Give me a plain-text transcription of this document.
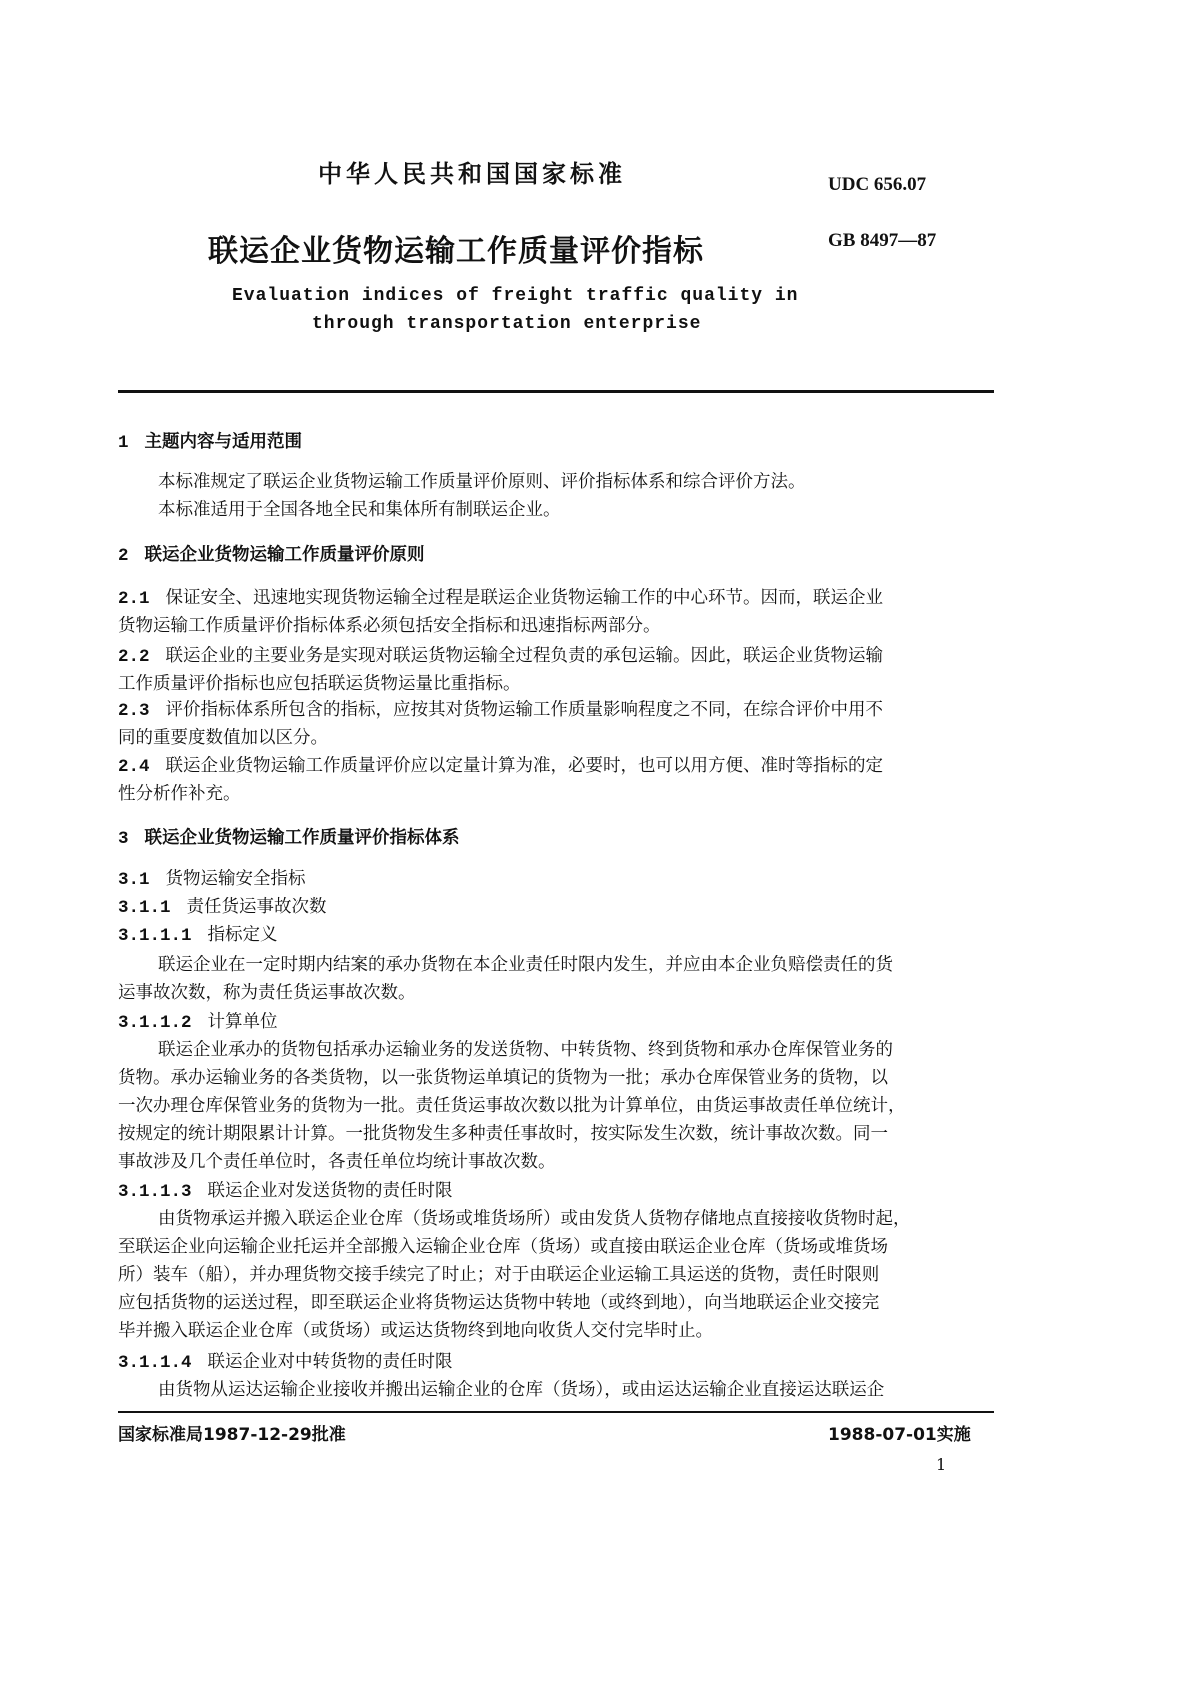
中华人民共和国国家标准	UDC 656.07
联运企业货物运输工作质量评价指标	GB 8497—87
Evaluation indices of freight traffic quality in
through transportation enterprise
1 主题内容与适用范围
本标准规定了联运企业货物运输工作质量评价原则、评价指标体系和综合评价方法。
本标准适用于全国各地全民和集体所有制联运企业。
2 联运企业货物运输工作质量评价原则
2.1 保证安全、迅速地实现货物运输全过程是联运企业货物运输工作的中心环节。因而，联运企业
货物运输工作质量评价指标体系必须包括安全指标和迅速指标两部分。
2.2 联运企业的主要业务是实现对联运货物运输全过程负责的承包运输。因此，联运企业货物运输
工作质量评价指标也应包括联运货物运量比重指标。
2.3 评价指标体系所包含的指标，应按其对货物运输工作质量影响程度之不同，在综合评价中用不
同的重要度数值加以区分。
2.4 联运企业货物运输工作质量评价应以定量计算为准，必要时，也可以用方便、准时等指标的定
性分析作补充。
3 联运企业货物运输工作质量评价指标体系
3.1 货物运输安全指标
3.1.1 责任货运事故次数
3.1.1.1 指标定义
联运企业在一定时期内结案的承办货物在本企业责任时限内发生，并应由本企业负赔偿责任的货
运事故次数，称为责任货运事故次数。
3.1.1.2 计算单位
联运企业承办的货物包括承办运输业务的发送货物、中转货物、终到货物和承办仓库保管业务的
货物。承办运输业务的各类货物，以一张货物运单填记的货物为一批；承办仓库保管业务的货物，以
一次办理仓库保管业务的货物为一批。责任货运事故次数以批为计算单位，由货运事故责任单位统计，
按规定的统计期限累计计算。一批货物发生多种责任事故时，按实际发生次数，统计事故次数。同一
事故涉及几个责任单位时，各责任单位均统计事故次数。
3.1.1.3 联运企业对发送货物的责任时限
由货物承运并搬入联运企业仓库（货场或堆货场所）或由发货人货物存储地点直接接收货物时起，
至联运企业向运输企业托运并全部搬入运输企业仓库（货场）或直接由联运企业仓库（货场或堆货场
所）装车（船），并办理货物交接手续完了时止；对于由联运企业运输工具运送的货物，责任时限则
应包括货物的运送过程，即至联运企业将货物运达货物中转地（或终到地），向当地联运企业交接完
毕并搬入联运企业仓库（或货场）或运达货物终到地向收货人交付完毕时止。
3.1.1.4 联运企业对中转货物的责任时限
由货物从运达运输企业接收并搬出运输企业的仓库（货场），或由运达运输企业直接运达联运企
国家标准局1987-12-29批准	1988-07-01实施
1
